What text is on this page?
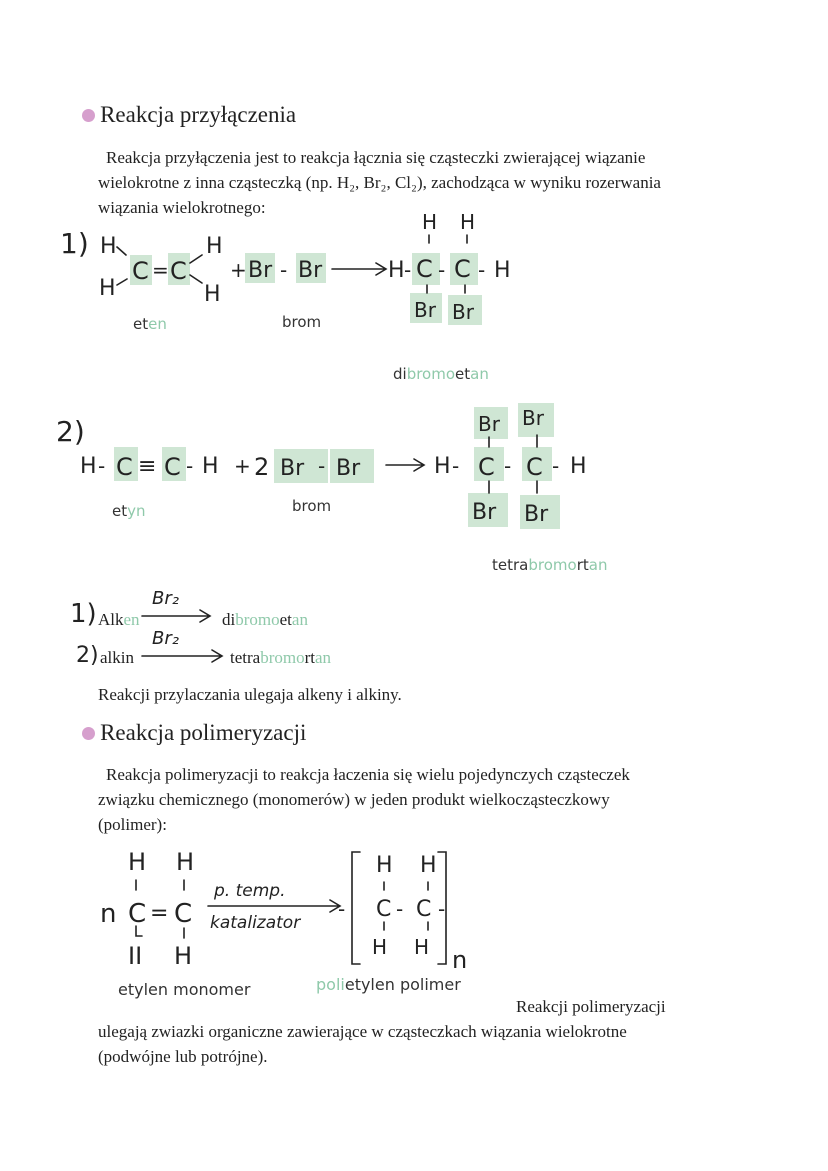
Reakcja przyłączenia
Reakcja przyłączenia jest to reakcja łącznia się cząsteczki zwierającej wiązanie
wielokrotne z inna cząsteczką (np. H₂, Br₂, Cl₂), zachodząca w wyniku rozerwania
wiązania wielokrotnego:
1) H
H
C = C
H
H
+ Br - Br	H - C - C - H
H H
Br Br
eten	brom
dibromoetan
2)
H - C ≡ C - H + 2 Br - Br	H - C - C - H
Br Br
Br Br
etyn	brom
tetrabromortan
1)
Br₂
2)
Br₂
Alken	dibromoetan
alkin	tetrabromortan
Reakcji przylaczania ulegaja alkeny i alkiny.
Reakcja polimeryzacji
Reakcja polimeryzacji to reakcja łaczenia się wielu pojedynczych cząsteczek
związku chemicznego (monomerów) w jeden produkt wielkocząsteczkowy
(polimer):
n
H H
C = C
II H
p. temp.
katalizator
H H
- C - C -
H H n
etylen monomer	polietylen polimer
Reakcji polimeryzacji
ulegają zwiazki organiczne zawierające w cząsteczkach wiązania wielokrotne
(podwójne lub potrójne).
